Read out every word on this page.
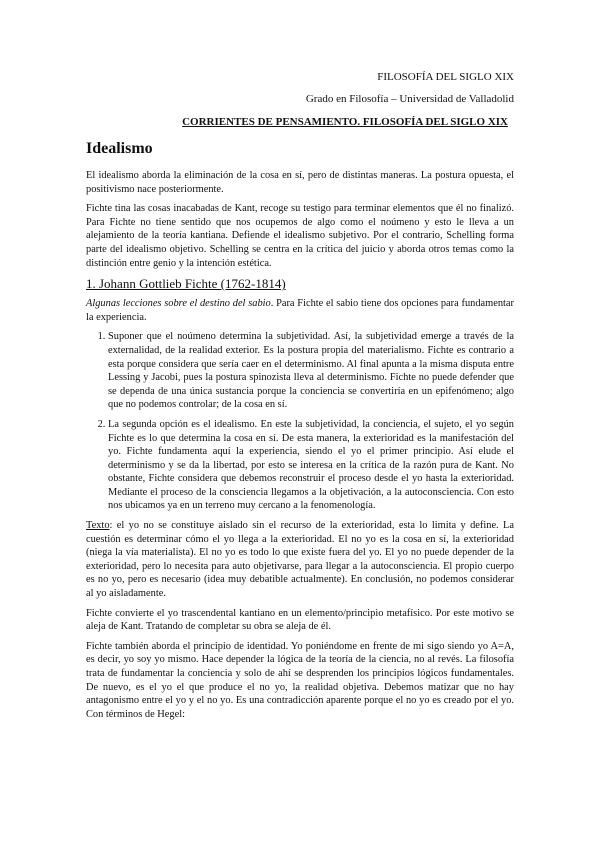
FILOSOFÍA DEL SIGLO XIX
Grado en Filosofía – Universidad de Valladolid
CORRIENTES DE PENSAMIENTO. FILOSOFÍA DEL SIGLO XIX
Idealismo

El idealismo aborda la eliminación de la cosa en sí, pero de distintas maneras. La postura opuesta, el positivismo nace posteriormente.

Fichte tina las cosas inacabadas de Kant, recoge su testigo para terminar elementos que él no finalizó. Para Fichte no tiene sentido que nos ocupemos de algo como el noúmeno y esto le lleva a un alejamiento de la teoría kantiana. Defiende el idealismo subjetivo. Por el contrario, Schelling forma parte del idealismo objetivo. Schelling se centra en la crítica del juicio y aborda otros temas como la distinción entre genio y la intención estética.

1. Johann Gottlieb Fichte (1762-1814)

Algunas lecciones sobre el destino del sabio. Para Fichte el sabio tiene dos opciones para fundamentar la experiencia.

1. Suponer que el noúmeno determina la subjetividad. Así, la subjetividad emerge a través de la externalidad, de la realidad exterior. Es la postura propia del materialismo. Fichte es contrario a esta porque considera que sería caer en el determinismo. Al final apunta a la misma disputa entre Lessing y Jacobi, pues la postura spinozista lleva al determinismo. Fichte no puede defender que se dependa de una única sustancia porque la conciencia se convertiría en un epifenómeno; algo que no podemos controlar; de la cosa en sí.
2. La segunda opción es el idealismo. En este la subjetividad, la conciencia, el sujeto, el yo según Fichte es lo que determina la cosa en sí. De esta manera, la exterioridad es la manifestación del yo. Fichte fundamenta aquí la experiencia, siendo el yo el primer principio. Así elude el determinismo y se da la libertad, por esto se interesa en la crítica de la razón pura de Kant. No obstante, Fichte considera que debemos reconstruir el proceso desde el yo hasta la exterioridad. Mediante el proceso de la consciencia llegamos a la objetivación, a la autoconsciencia. Con esto nos ubicamos ya en un terreno muy cercano a la fenomenología.

Texto: el yo no se constituye aislado sin el recurso de la exterioridad, esta lo limita y define. La cuestión es determinar cómo el yo llega a la exterioridad. El no yo es la cosa en sí, la exterioridad (niega la vía materialista). El no yo es todo lo que existe fuera del yo. El yo no puede depender de la exterioridad, pero lo necesita para auto objetivarse, para llegar a la autoconsciencia. El propio cuerpo es no yo, pero es necesario (idea muy debatible actualmente). En conclusión, no podemos considerar al yo aisladamente.

Fichte convierte el yo trascendental kantiano en un elemento/principio metafísico. Por este motivo se aleja de Kant. Tratando de completar su obra se aleja de él.

Fichte también aborda el principio de identidad. Yo poniéndome en frente de mi sigo siendo yo A=A, es decir, yo soy yo mismo. Hace depender la lógica de la teoría de la ciencia, no al revés. La filosofía trata de fundamentar la conciencia y solo de ahí se desprenden los principios lógicos fundamentales. De nuevo, es el yo el que produce el no yo, la realidad objetiva. Debemos matizar que no hay antagonismo entre el yo y el no yo. Es una contradicción aparente porque el no yo es creado por el yo. Con términos de Hegel:
